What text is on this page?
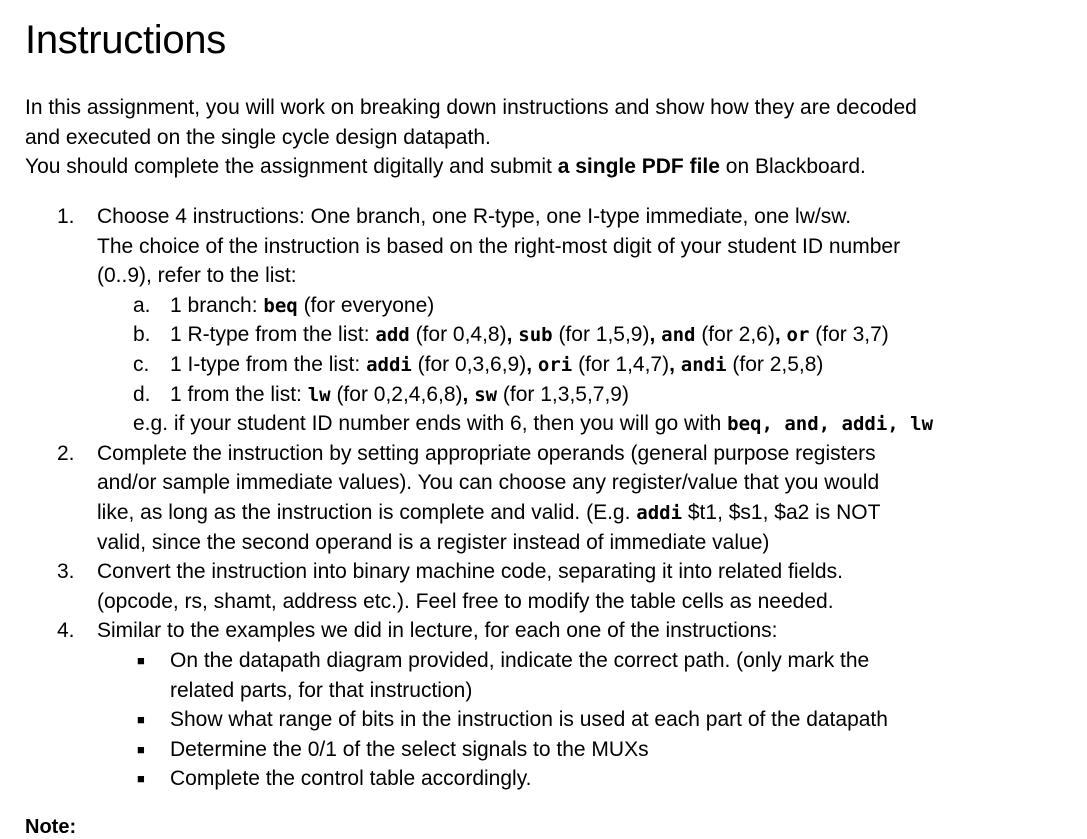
Instructions
In this assignment, you will work on breaking down instructions and show how they are decoded
and executed on the single cycle design datapath.
You should complete the assignment digitally and submit a single PDF file on Blackboard.
1.	Choose 4 instructions: One branch, one R-type, one I-type immediate, one lw/sw.
The choice of the instruction is based on the right-most digit of your student ID number
(0..9), refer to the list:
a. 1 branch: beq (for everyone)
b. 1 R-type from the list: add (for 0,4,8), sub (for 1,5,9), and (for 2,6), or (for 3,7)
c. 1 I-type from the list: addi (for 0,3,6,9), ori (for 1,4,7), andi (for 2,5,8)
d. 1 from the list: lw (for 0,2,4,6,8), sw (for 1,3,5,7,9)
e.g. if your student ID number ends with 6, then you will go with beq, and, addi, lw
2.	Complete the instruction by setting appropriate operands (general purpose registers
and/or sample immediate values). You can choose any register/value that you would
like, as long as the instruction is complete and valid. (E.g. addi $t1, $s1, $a2 is NOT
valid, since the second operand is a register instead of immediate value)
3.	Convert the instruction into binary machine code, separating it into related fields.
(opcode, rs, shamt, address etc.). Feel free to modify the table cells as needed.
4.	Similar to the examples we did in lecture, for each one of the instructions:
■ On the datapath diagram provided, indicate the correct path. (only mark the
related parts, for that instruction)
■ Show what range of bits in the instruction is used at each part of the datapath
■ Determine the 0/1 of the select signals to the MUXs
■ Complete the control table accordingly.
Note:
